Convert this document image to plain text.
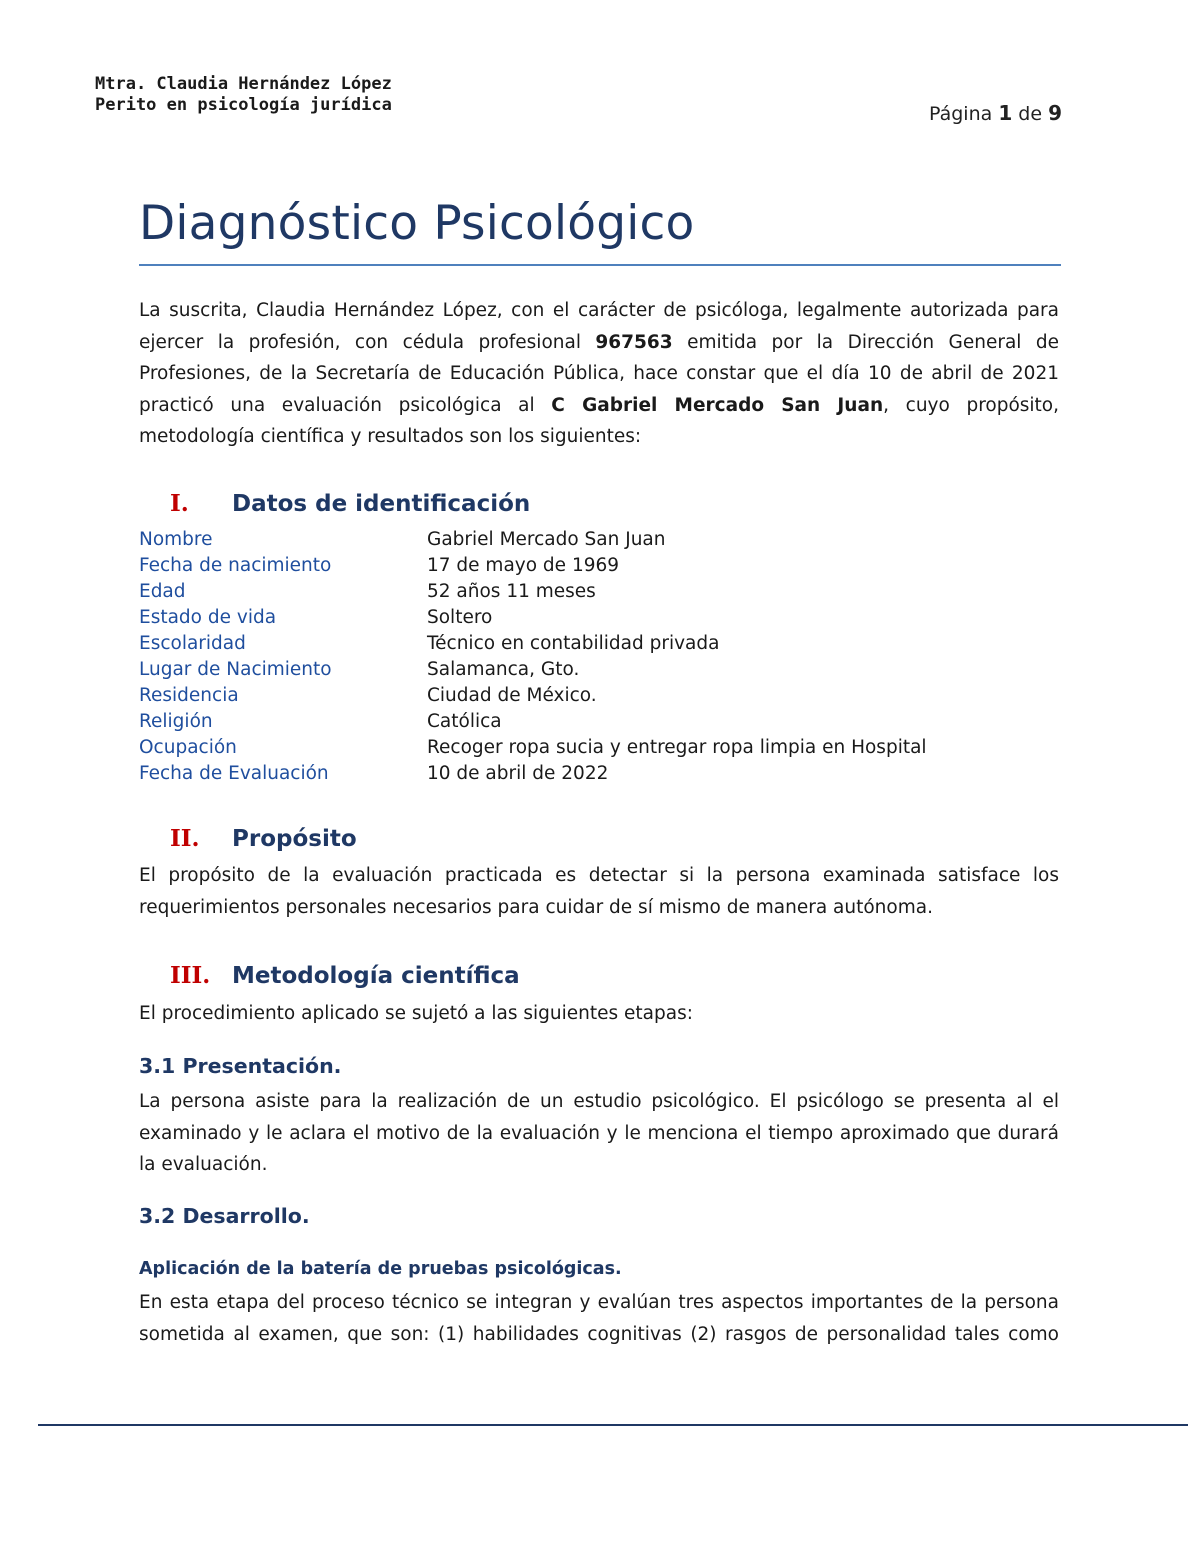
Mtra. Claudia Hernández López
Perito en psicología jurídica	Página 1 de 9
Diagnóstico Psicológico
La suscrita, Claudia Hernández López, con el carácter de psicóloga, legalmente autorizada para ejercer la profesión, con cédula profesional 967563 emitida por la Dirección General de Profesiones, de la Secretaría de Educación Pública, hace constar que el día 10 de abril de 2021 practicó una evaluación psicológica al C Gabriel Mercado San Juan, cuyo propósito, metodología científica y resultados son los siguientes:
I. Datos de identificación
Nombre	Gabriel Mercado San Juan
Fecha de nacimiento	17 de mayo de 1969
Edad	52 años 11 meses
Estado de vida	Soltero
Escolaridad	Técnico en contabilidad privada
Lugar de Nacimiento	Salamanca, Gto.
Residencia	Ciudad de México.
Religión	Católica
Ocupación	Recoger ropa sucia y entregar ropa limpia en Hospital
Fecha de Evaluación	10 de abril de 2022
II. Propósito
El propósito de la evaluación practicada es detectar si la persona examinada satisface los requerimientos personales necesarios para cuidar de sí mismo de manera autónoma.
III. Metodología científica
El procedimiento aplicado se sujetó a las siguientes etapas:
3.1 Presentación.
La persona asiste para la realización de un estudio psicológico. El psicólogo se presenta al el examinado y le aclara el motivo de la evaluación y le menciona el tiempo aproximado que durará la evaluación.
3.2 Desarrollo.
Aplicación de la batería de pruebas psicológicas.
En esta etapa del proceso técnico se integran y evalúan tres aspectos importantes de la persona sometida al examen, que son: (1) habilidades cognitivas (2) rasgos de personalidad tales como
